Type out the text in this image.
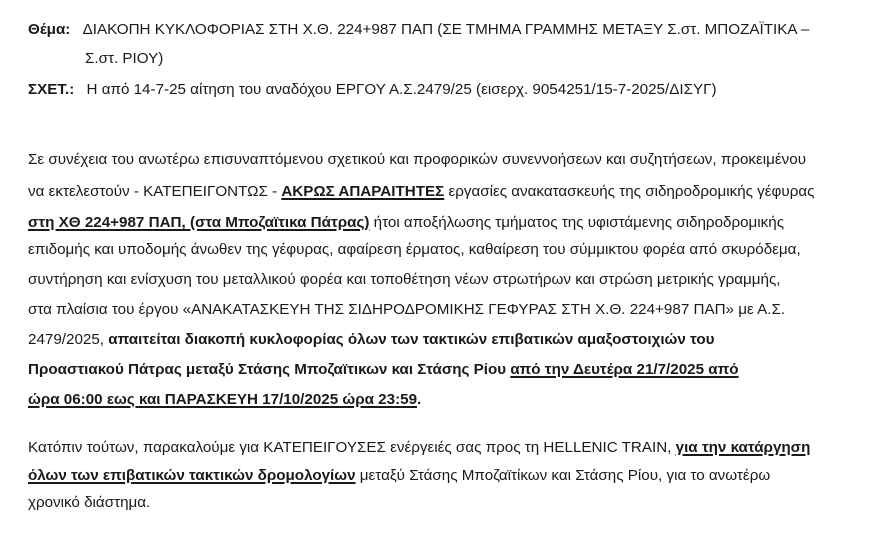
Θέμα: ΔΙΑΚΟΠΗ ΚΥΚΛΟΦΟΡΙΑΣ ΣΤΗ Χ.Θ. 224+987 ΠΑΠ (ΣΕ ΤΜΗΜΑ ΓΡΑΜΜΗΣ ΜΕΤΑΞΥ Σ.στ. ΜΠΟΖΑΪΤΙΚΑ –
Σ.στ. ΡΙΟΥ)
ΣΧΕΤ.: Η από 14-7-25 αίτηση του αναδόχου ΕΡΓΟΥ Α.Σ.2479/25 (εισερχ. 9054251/15-7-2025/ΔΙΣΥΓ)
Σε συνέχεια του ανωτέρω επισυναπτόμενου σχετικού και προφορικών συνεννοήσεων και συζητήσεων, προκειμένου
να εκτελεστούν - ΚΑΤΕΠΕΙΓΟΝΤΩΣ - ΑΚΡΩΣ ΑΠΑΡΑΙΤΗΤΕΣ εργασίες ανακατασκευής της σιδηροδρομικής γέφυρας
στη ΧΘ 224+987 ΠΑΠ, (στα Μποζαϊτικα Πάτρας) ήτοι αποξήλωσης τμήματος της υφιστάμενης σιδηροδρομικής
επιδομής και υποδομής άνωθεν της γέφυρας, αφαίρεση έρματος, καθαίρεση του σύμμικτου φορέα από σκυρόδεμα,
συντήρηση και ενίσχυση του μεταλλικού φορέα και τοποθέτηση νέων στρωτήρων και στρώση μετρικής γραμμής,
στα πλαίσια του έργου «ΑΝΑΚΑΤΑΣΚΕΥΗ ΤΗΣ ΣΙΔΗΡΟΔΡΟΜΙΚΗΣ ΓΕΦΥΡΑΣ ΣΤΗ Χ.Θ. 224+987 ΠΑΠ» με Α.Σ.
2479/2025, απαιτείται διακοπή κυκλοφορίας όλων των τακτικών επιβατικών αμαξοστοιχιών του
Προαστιακού Πάτρας μεταξύ Στάσης Μποζαϊτικων και Στάσης Ρίου από την Δευτέρα 21/7/2025 από
ώρα 06:00 εως και ΠΑΡΑΣΚΕΥΗ 17/10/2025 ώρα 23:59.
Κατόπιν τούτων, παρακαλούμε για ΚΑΤΕΠΕΙΓΟΥΣΕΣ ενέργειές σας προς τη HELLENIC TRAIN, για την κατάργηση
όλων των επιβατικών τακτικών δρομολογίων μεταξύ Στάσης Μποζαϊτίκων και Στάσης Ρίου, για το ανωτέρω
χρονικό διάστημα.
